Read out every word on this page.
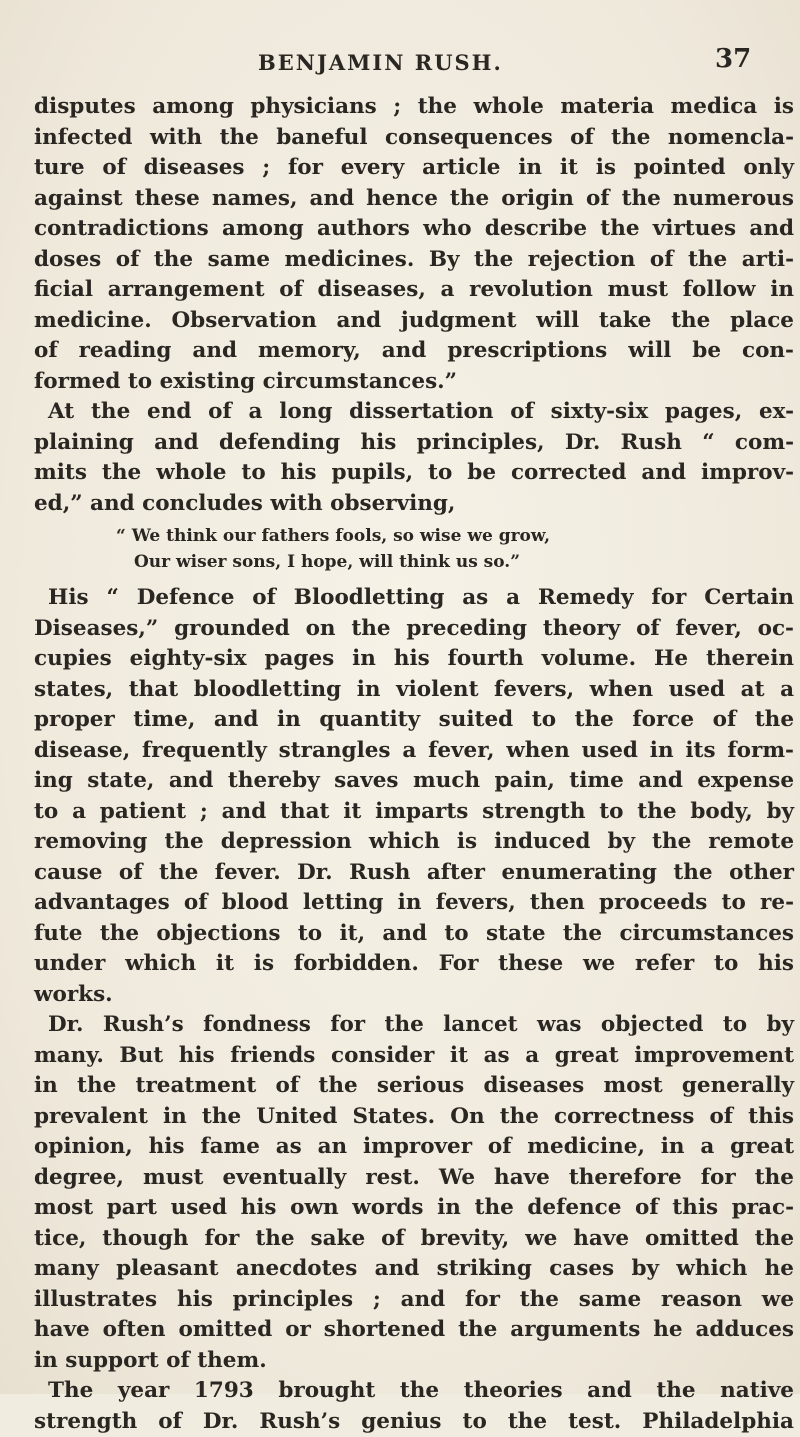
BENJAMIN RUSH.	37
disputes among physicians ; the whole materia medica is
infected with the baneful consequences of the nomencla-
ture of diseases ; for every article in it is pointed only
against these names, and hence the origin of the numerous
contradictions among authors who describe the virtues and
doses of the same medicines. By the rejection of the arti-
ficial arrangement of diseases, a revolution must follow in
medicine. Observation and judgment will take the place
of reading and memory, and prescriptions will be con-
formed to existing circumstances.”
At the end of a long dissertation of sixty-six pages, ex-
plaining and defending his principles, Dr. Rush “ com-
mits the whole to his pupils, to be corrected and improv-
ed,” and concludes with observing,
“ We think our fathers fools, so wise we grow,
Our wiser sons, I hope, will think us so.”
His “ Defence of Bloodletting as a Remedy for Certain
Diseases,” grounded on the preceding theory of fever, oc-
cupies eighty-six pages in his fourth volume. He therein
states, that bloodletting in violent fevers, when used at a
proper time, and in quantity suited to the force of the
disease, frequently strangles a fever, when used in its form-
ing state, and thereby saves much pain, time and expense
to a patient ; and that it imparts strength to the body, by
removing the depression which is induced by the remote
cause of the fever. Dr. Rush after enumerating the other
advantages of blood letting in fevers, then proceeds to re-
fute the objections to it, and to state the circumstances
under which it is forbidden. For these we refer to his
works.
Dr. Rush’s fondness for the lancet was objected to by
many. But his friends consider it as a great improvement
in the treatment of the serious diseases most generally
prevalent in the United States. On the correctness of this
opinion, his fame as an improver of medicine, in a great
degree, must eventually rest. We have therefore for the
most part used his own words in the defence of this prac-
tice, though for the sake of brevity, we have omitted the
many pleasant anecdotes and striking cases by which he
illustrates his principles ; and for the same reason we
have often omitted or shortened the arguments he adduces
in support of them.
The year 1793 brought the theories and the native
strength of Dr. Rush’s genius to the test. Philadelphia
